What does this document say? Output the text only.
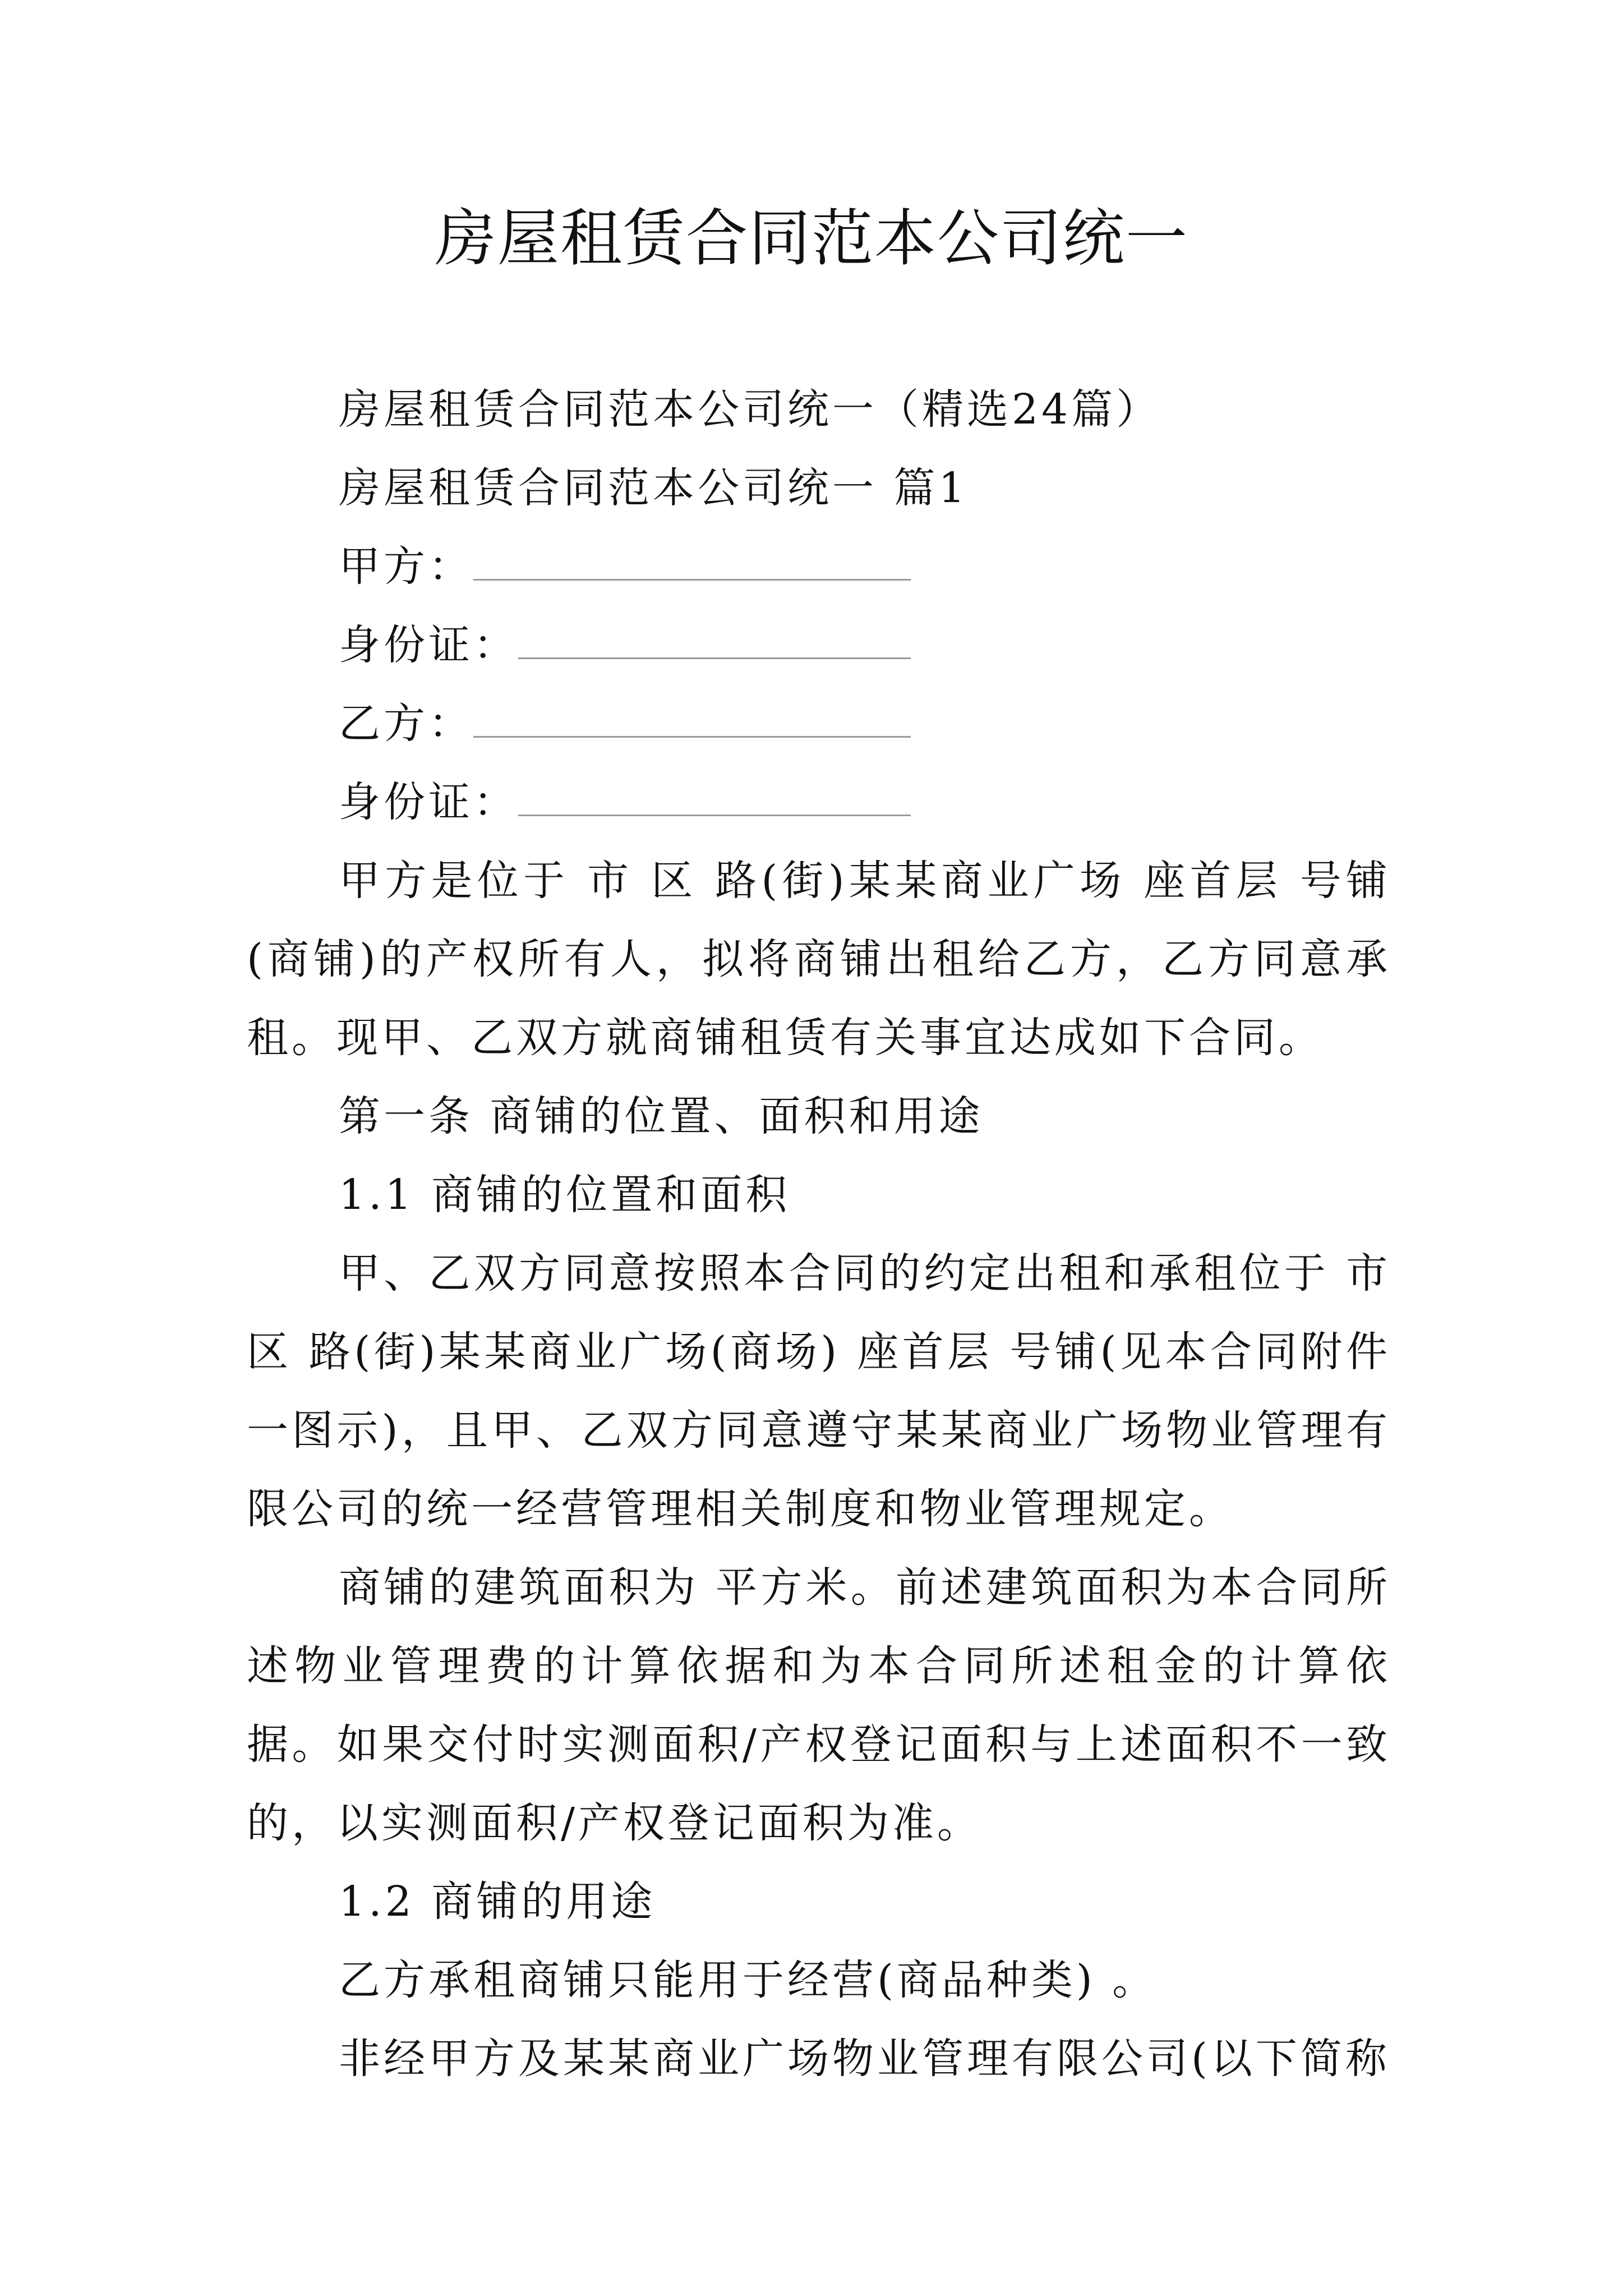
房屋租赁合同范本公司统一
房屋租赁合同范本公司统一（精选24篇）
房屋租赁合同范本公司统一 篇1
甲方：
身份证：
乙方：
身份证：

甲方是位于 市 区 路(街)某某商业广场 座首层 号铺(商铺)的产权所有人，拟将商铺出租给乙方，乙方同意承租。现甲、乙双方就商铺租赁有关事宜达成如下合同。

第一条 商铺的位置、面积和用途

1.1 商铺的位置和面积

甲、乙双方同意按照本合同的约定出租和承租位于 市 区 路(街)某某商业广场(商场) 座首层 号铺(见本合同附件一图示)，且甲、乙双方同意遵守某某商业广场物业管理有限公司的统一经营管理相关制度和物业管理规定。

商铺的建筑面积为 平方米。前述建筑面积为本合同所述物业管理费的计算依据和为本合同所述租金的计算依据。如果交付时实测面积/产权登记面积与上述面积不一致的，以实测面积/产权登记面积为准。

1.2 商铺的用途

乙方承租商铺只能用于经营(商品种类) 。

非经甲方及某某商业广场物业管理有限公司(以下简称
